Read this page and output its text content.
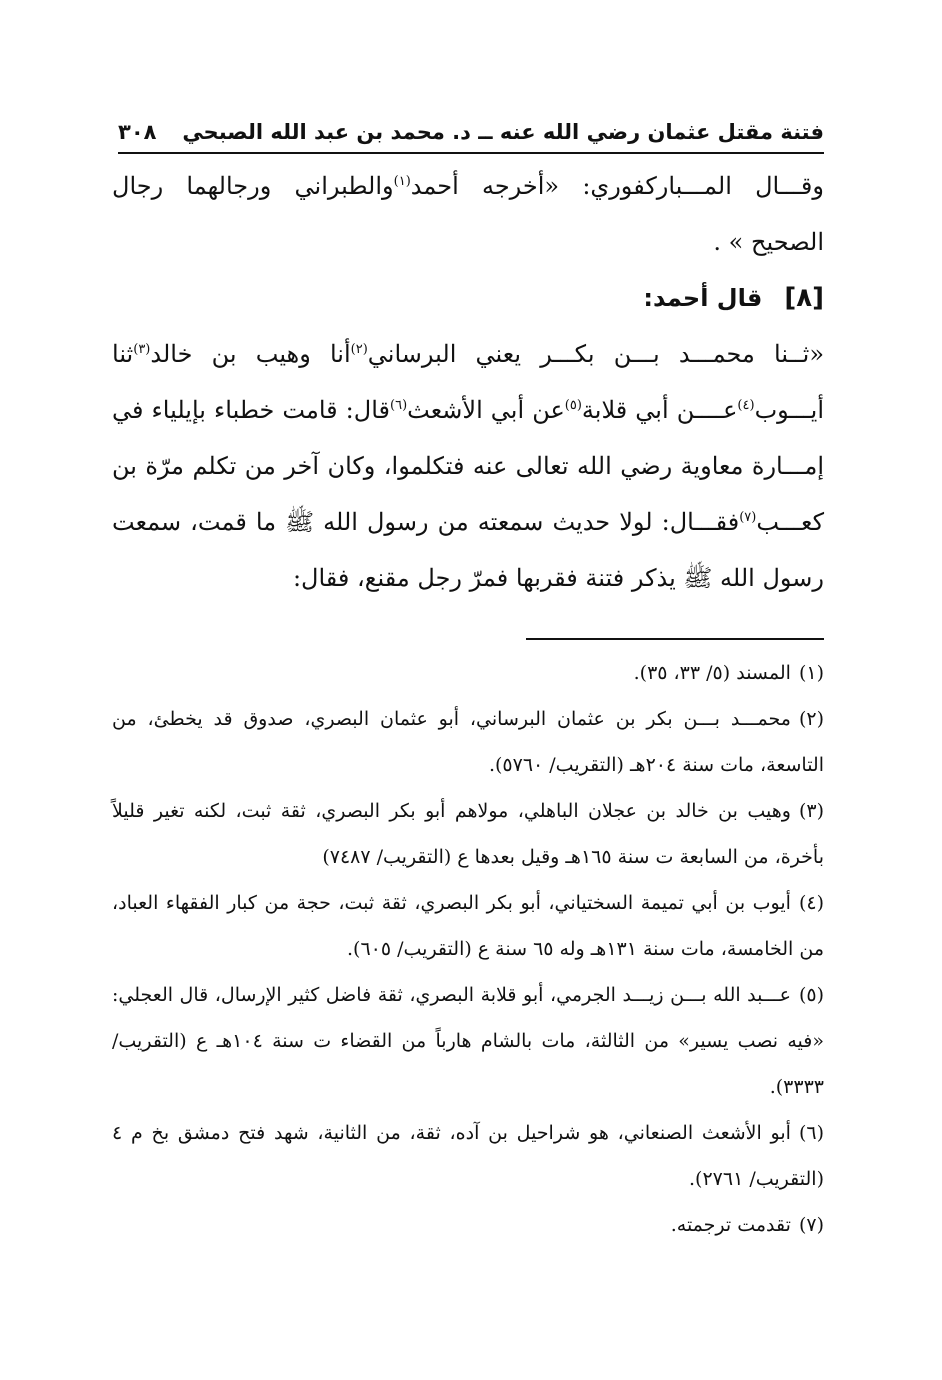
فتنة مقتل عثمان رضي الله عنه ــ د. محمد بن عبد الله الصبحي
٣٠٨

وقـــال المـــباركفوري: «أخرجه أحمد$^{(١)}$والطبراني ورجالهما رجال الصحيح » .

[٨]
قال أحمد:

«ثــنا محمـــد بـــن بكـــر يعني البرساني$^{(٢)}$أنا وهيب بن خالد$^{(٣)}$ثنا أيـــوب$^{(٤)}$عــــن أبي قلابة$^{(٥)}$عن أبي الأشعث$^{(٦)}$قال: قامت خطباء بإيلياء في إمـــارة معاوية رضي الله تعالى عنه فتكلموا، وكان آخر من تكلم مرّة بن كعـــب$^{(٧)}$فقـــال: لولا حديث سمعته من رسول الله ﷺ ما قمت، سمعت رسول الله ﷺ يذكر فتنة فقربها فمرّ رجل مقنع، فقال:

(١)المسند (٥/ ٣٣، ٣٥).

(٢)محمـــد بـــن بكر بن عثمان البرساني، أبو عثمان البصري، صدوق قد يخطئ، من التاسعة، مات سنة ٢٠٤هـ (التقريب/ ٥٧٦٠).

(٣)وهيب بن خالد بن عجلان الباهلي، مولاهم أبو بكر البصري، ثقة ثبت، لكنه تغير قليلاً بأخرة، من السابعة ت سنة ١٦٥هـ وقيل بعدها ع (التقريب/ ٧٤٨٧)

(٤)أيوب بن أبي تميمة السختياني، أبو بكر البصري، ثقة ثبت، حجة من كبار الفقهاء العباد، من الخامسة، مات سنة ١٣١هـ وله ٦٥ سنة ع (التقريب/ ٦٠٥).

(٥)عـــبد الله بـــن زيـــد الجرمي، أبو قلابة البصري، ثقة فاضل كثير الإرسال، قال العجلي: «فيه نصب يسير» من الثالثة، مات بالشام هارباً من القضاء ت سنة ١٠٤هـ ع (التقريب/ ٣٣٣٣).

(٦)أبو الأشعث الصنعاني، هو شراحيل بن آده، ثقة، من الثانية، شهد فتح دمشق بخ م ٤ (التقريب/ ٢٧٦١).

(٧)تقدمت ترجمته.
